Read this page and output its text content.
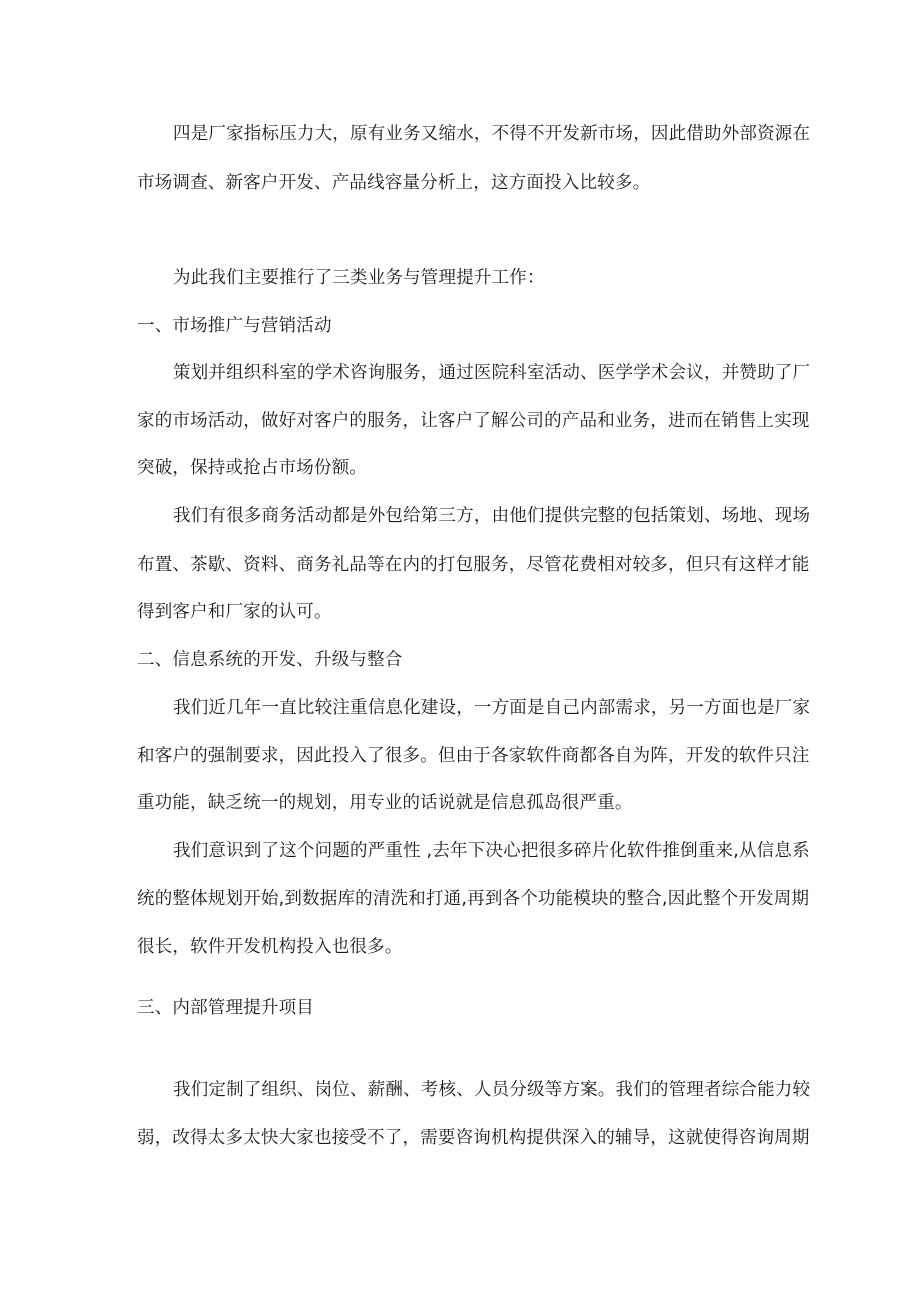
四是厂家指标压力大，原有业务又缩水，不得不开发新市场，因此借助外部资源在
市场调查、新客户开发、产品线容量分析上，这方面投入比较多。
为此我们主要推行了三类业务与管理提升工作：
一、市场推广与营销活动
策划并组织科室的学术咨询服务，通过医院科室活动、医学学术会议，并赞助了厂
家的市场活动，做好对客户的服务，让客户了解公司的产品和业务，进而在销售上实现
突破，保持或抢占市场份额。
我们有很多商务活动都是外包给第三方，由他们提供完整的包括策划、场地、现场
布置、茶歇、资料、商务礼品等在内的打包服务，尽管花费相对较多，但只有这样才能
得到客户和厂家的认可。
二、信息系统的开发、升级与整合
我们近几年一直比较注重信息化建设，一方面是自己内部需求，另一方面也是厂家
和客户的强制要求，因此投入了很多。但由于各家软件商都各自为阵，开发的软件只注
重功能，缺乏统一的规划，用专业的话说就是信息孤岛很严重。
我们意识到了这个问题的严重性 ,去年下决心把很多碎片化软件推倒重来,从信息系
统的整体规划开始,到数据库的清洗和打通,再到各个功能模块的整合,因此整个开发周期
很长，软件开发机构投入也很多。
三、内部管理提升项目
我们定制了组织、岗位、薪酬、考核、人员分级等方案。我们的管理者综合能力较
弱，改得太多太快大家也接受不了，需要咨询机构提供深入的辅导，这就使得咨询周期
